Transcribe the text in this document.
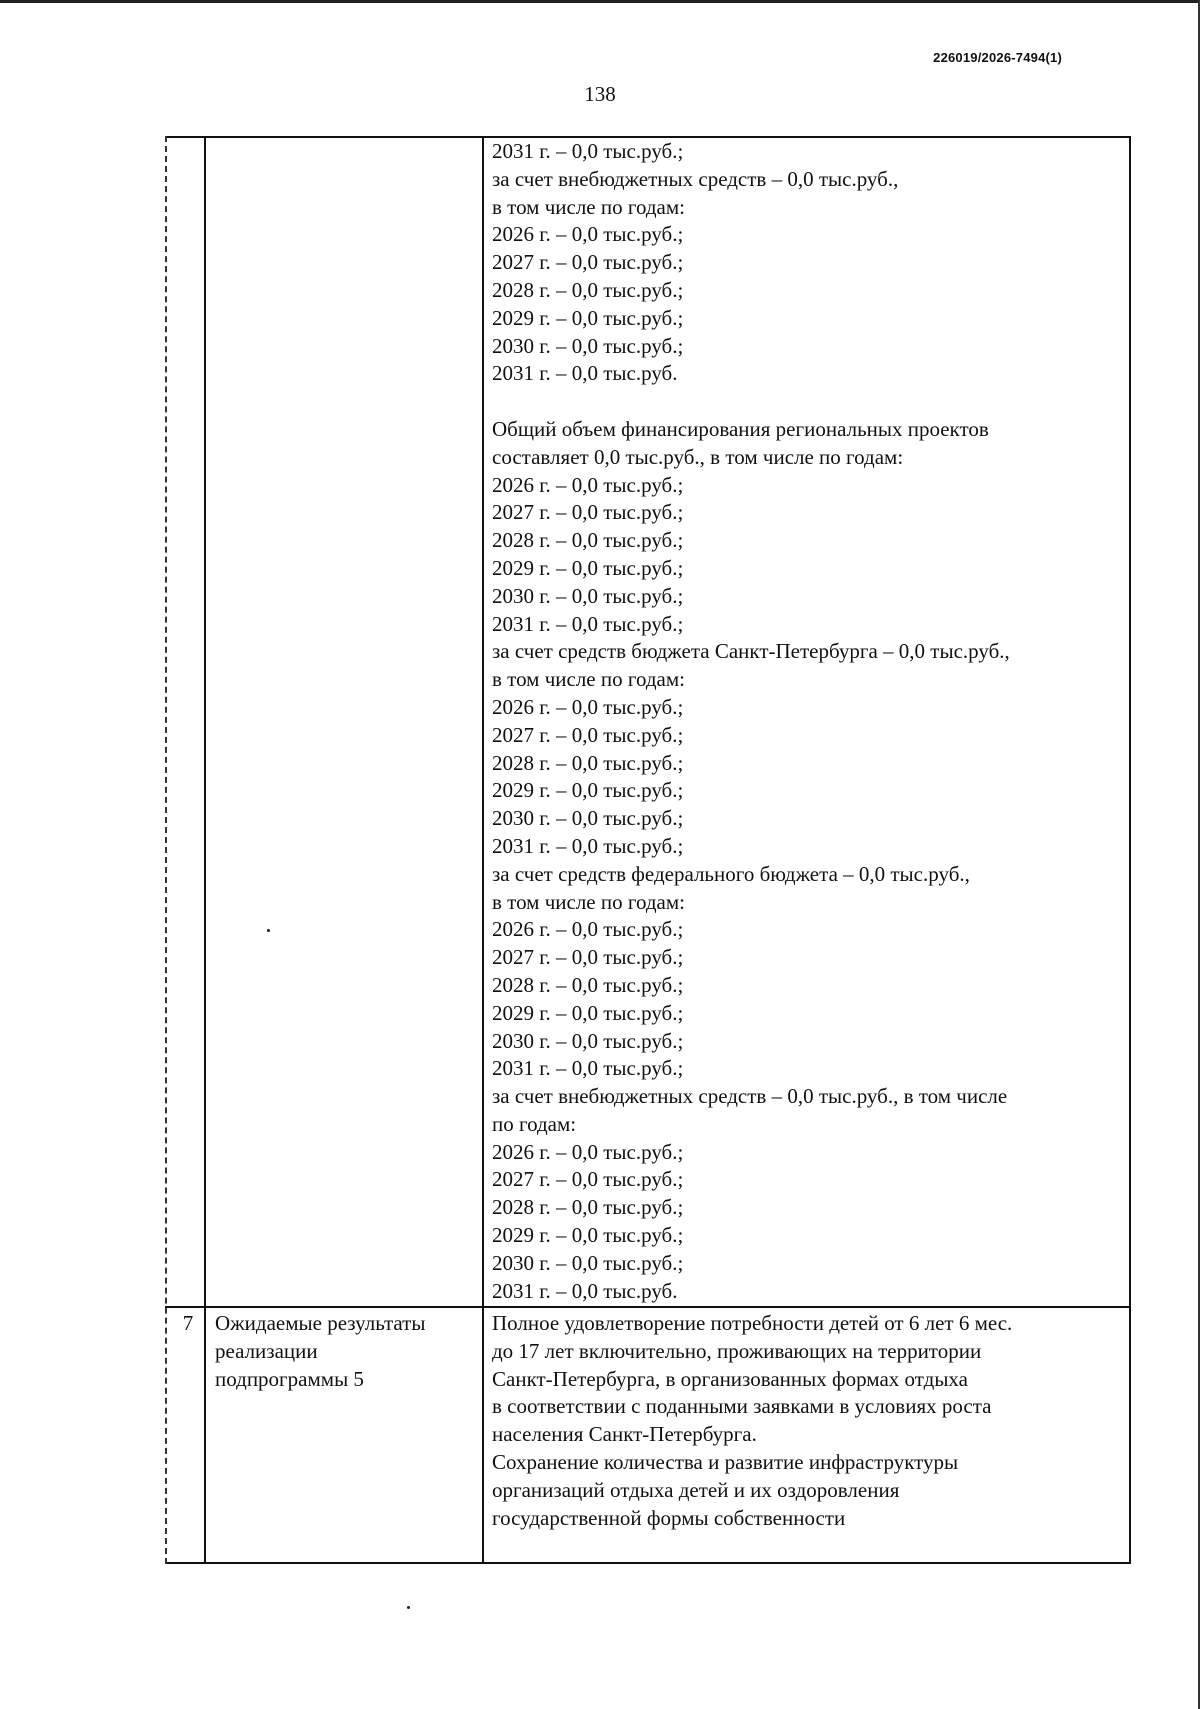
226019/2026-7494(1)
138
2031 г. – 0,0 тыс.руб.;
за счет внебюджетных средств – 0,0 тыс.руб.,
в том числе по годам:
2026 г. – 0,0 тыс.руб.;
2027 г. – 0,0 тыс.руб.;
2028 г. – 0,0 тыс.руб.;
2029 г. – 0,0 тыс.руб.;
2030 г. – 0,0 тыс.руб.;
2031 г. – 0,0 тыс.руб.
Общий объем финансирования региональных проектов
составляет 0,0 тыс.руб., в том числе по годам:
2026 г. – 0,0 тыс.руб.;
2027 г. – 0,0 тыс.руб.;
2028 г. – 0,0 тыс.руб.;
2029 г. – 0,0 тыс.руб.;
2030 г. – 0,0 тыс.руб.;
2031 г. – 0,0 тыс.руб.;
за счет средств бюджета Санкт-Петербурга – 0,0 тыс.руб.,
в том числе по годам:
2026 г. – 0,0 тыс.руб.;
2027 г. – 0,0 тыс.руб.;
2028 г. – 0,0 тыс.руб.;
2029 г. – 0,0 тыс.руб.;
2030 г. – 0,0 тыс.руб.;
2031 г. – 0,0 тыс.руб.;
за счет средств федерального бюджета – 0,0 тыс.руб.,
в том числе по годам:
2026 г. – 0,0 тыс.руб.;
2027 г. – 0,0 тыс.руб.;
2028 г. – 0,0 тыс.руб.;
2029 г. – 0,0 тыс.руб.;
2030 г. – 0,0 тыс.руб.;
2031 г. – 0,0 тыс.руб.;
за счет внебюджетных средств – 0,0 тыс.руб., в том числе
по годам:
2026 г. – 0,0 тыс.руб.;
2027 г. – 0,0 тыс.руб.;
2028 г. – 0,0 тыс.руб.;
2029 г. – 0,0 тыс.руб.;
2030 г. – 0,0 тыс.руб.;
2031 г. – 0,0 тыс.руб.
7	Ожидаемые результаты
реализации
подпрограммы 5
Полное удовлетворение потребности детей от 6 лет 6 мес.
до 17 лет включительно, проживающих на территории
Санкт-Петербурга, в организованных формах отдыха
в соответствии с поданными заявками в условиях роста
населения Санкт-Петербурга.
Сохранение количества и развитие инфраструктуры
организаций отдыха детей и их оздоровления
государственной формы собственности
